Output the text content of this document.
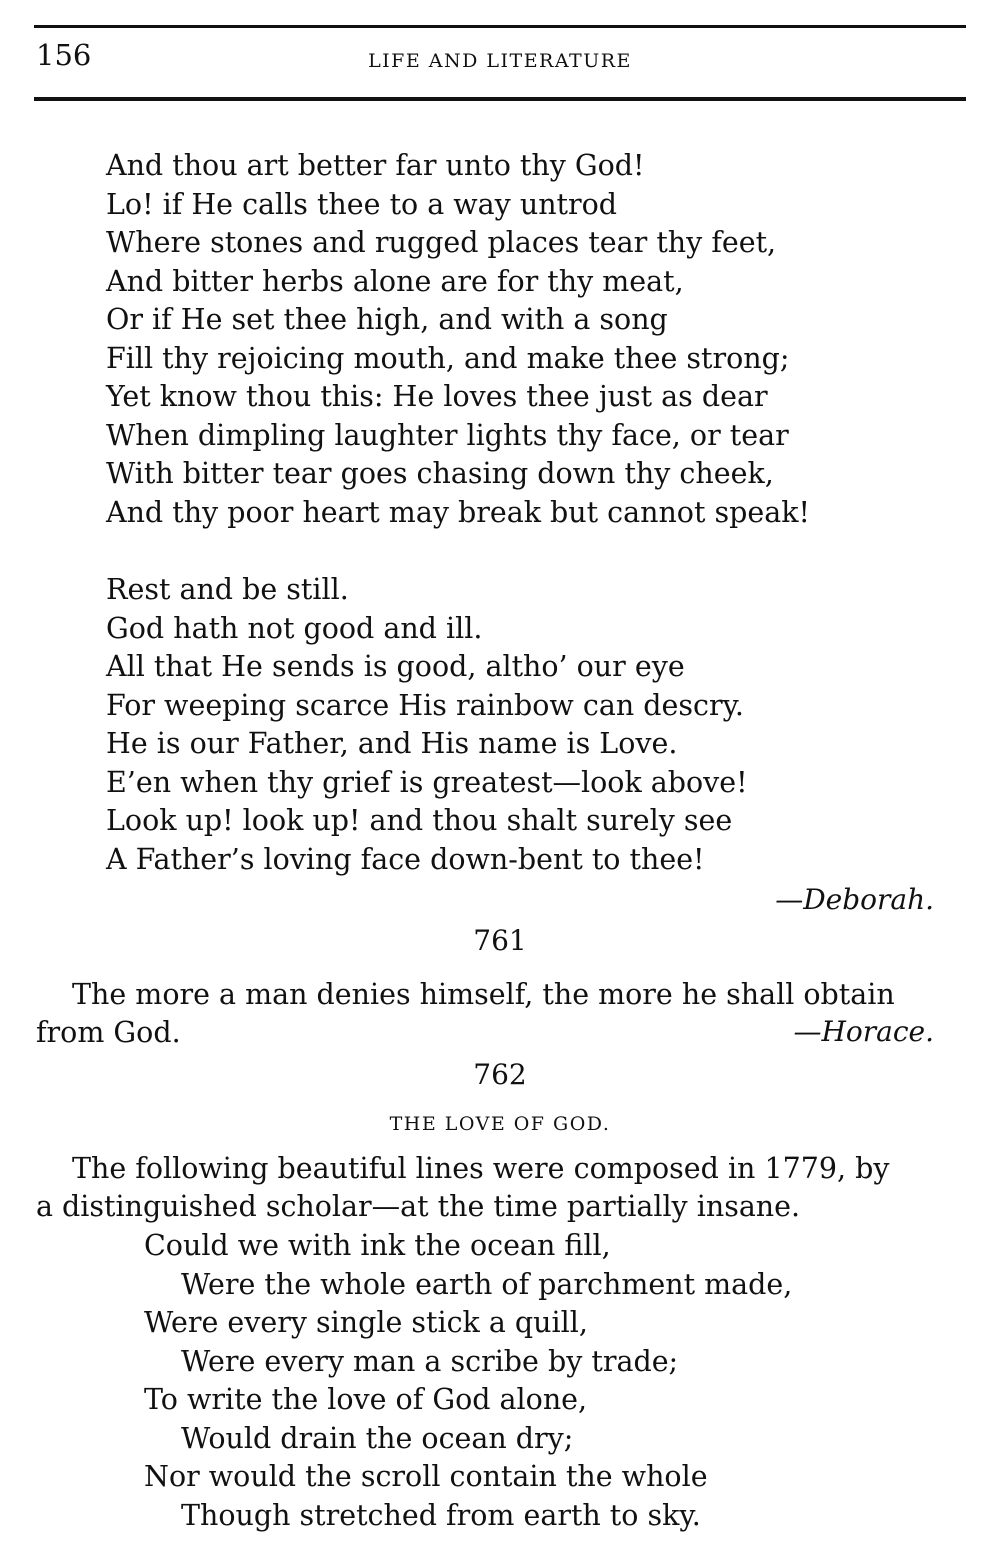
156	LIFE AND LITERATURE
And thou art better far unto thy God!
Lo! if He calls thee to a way untrod
Where stones and rugged places tear thy feet,
And bitter herbs alone are for thy meat,
Or if He set thee high, and with a song
Fill thy rejoicing mouth, and make thee strong;
Yet know thou this: He loves thee just as dear
When dimpling laughter lights thy face, or tear
With bitter tear goes chasing down thy cheek,
And thy poor heart may break but cannot speak!
Rest and be still.
God hath not good and ill.
All that He sends is good, altho’ our eye
For weeping scarce His rainbow can descry.
He is our Father, and His name is Love.
E’en when thy grief is greatest—look above!
Look up! look up! and thou shalt surely see
A Father’s loving face down-bent to thee!
—Deborah.
761
The more a man denies himself, the more he shall obtain
from God.	—Horace.
762
THE LOVE OF GOD.
The following beautiful lines were composed in 1779, by
a distinguished scholar—at the time partially insane.
Could we with ink the ocean fill,
Were the whole earth of parchment made,
Were every single stick a quill,
Were every man a scribe by trade;
To write the love of God alone,
Would drain the ocean dry;
Nor would the scroll contain the whole
Though stretched from earth to sky.
